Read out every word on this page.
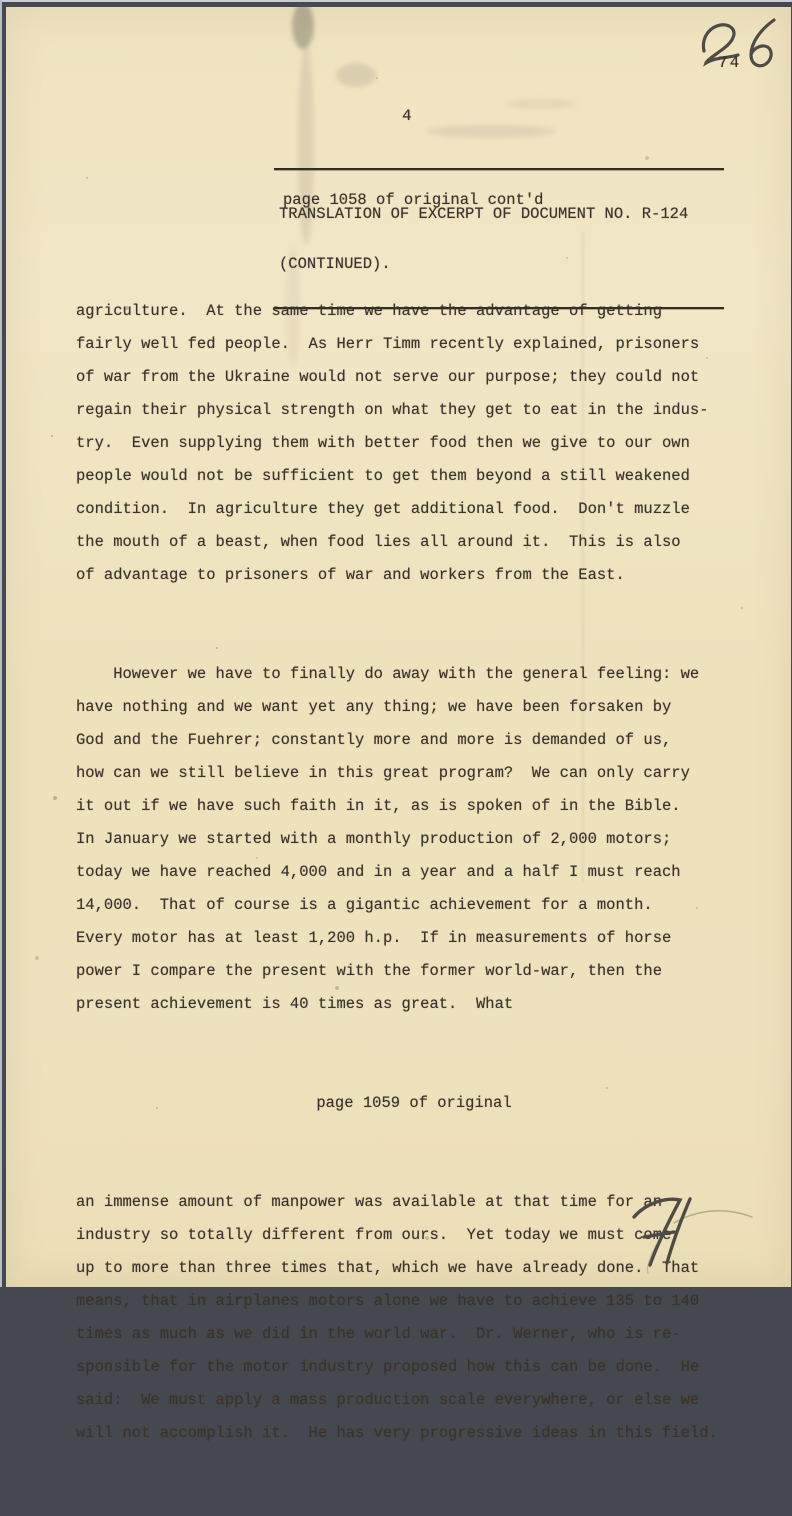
74
4

TRANSLATION OF EXCERPT OF DOCUMENT NO. R-124

(CONTINUED).

page 1058 of original cont'd

agriculture.  At the same time we have the advantage of getting
fairly well fed people.  As Herr Timm recently explained, prisoners
of war from the Ukraine would not serve our purpose; they could not
regain their physical strength on what they get to eat in the indus-
try.  Even supplying them with better food then we give to our own
people would not be sufficient to get them beyond a still weakened
condition.  In agriculture they get additional food.  Don't muzzle
the mouth of a beast, when food lies all around it.  This is also
of advantage to prisoners of war and workers from the East.

However we have to finally do away with the general feeling: we
have nothing and we want yet any thing; we have been forsaken by
God and the Fuehrer; constantly more and more is demanded of us,
how can we still believe in this great program?  We can only carry
it out if we have such faith in it, as is spoken of in the Bible.
In January we started with a monthly production of 2,000 motors;
today we have reached 4,000 and in a year and a half I must reach
14,000.  That of course is a gigantic achievement for a month.
Every motor has at least 1,200 h.p.  If in measurements of horse
power I compare the present with the former world-war, then the
present achievement is 40 times as great.  What

page 1059 of original

an immense amount of manpower was available at that time for an
industry so totally different from ours.  Yet today we must come
up to more than three times that, which we have already done.  That
means, that in airplanes motors alone we have to achieve 135 to 140
times as much as we did in the world war.  Dr. Werner, who is re-
sponsible for the motor industry proposed how this can be done.  He
said:  We must apply a mass production scale everywhere, or else we
will not accomplish it.  He has very progressive ideas in this field.
